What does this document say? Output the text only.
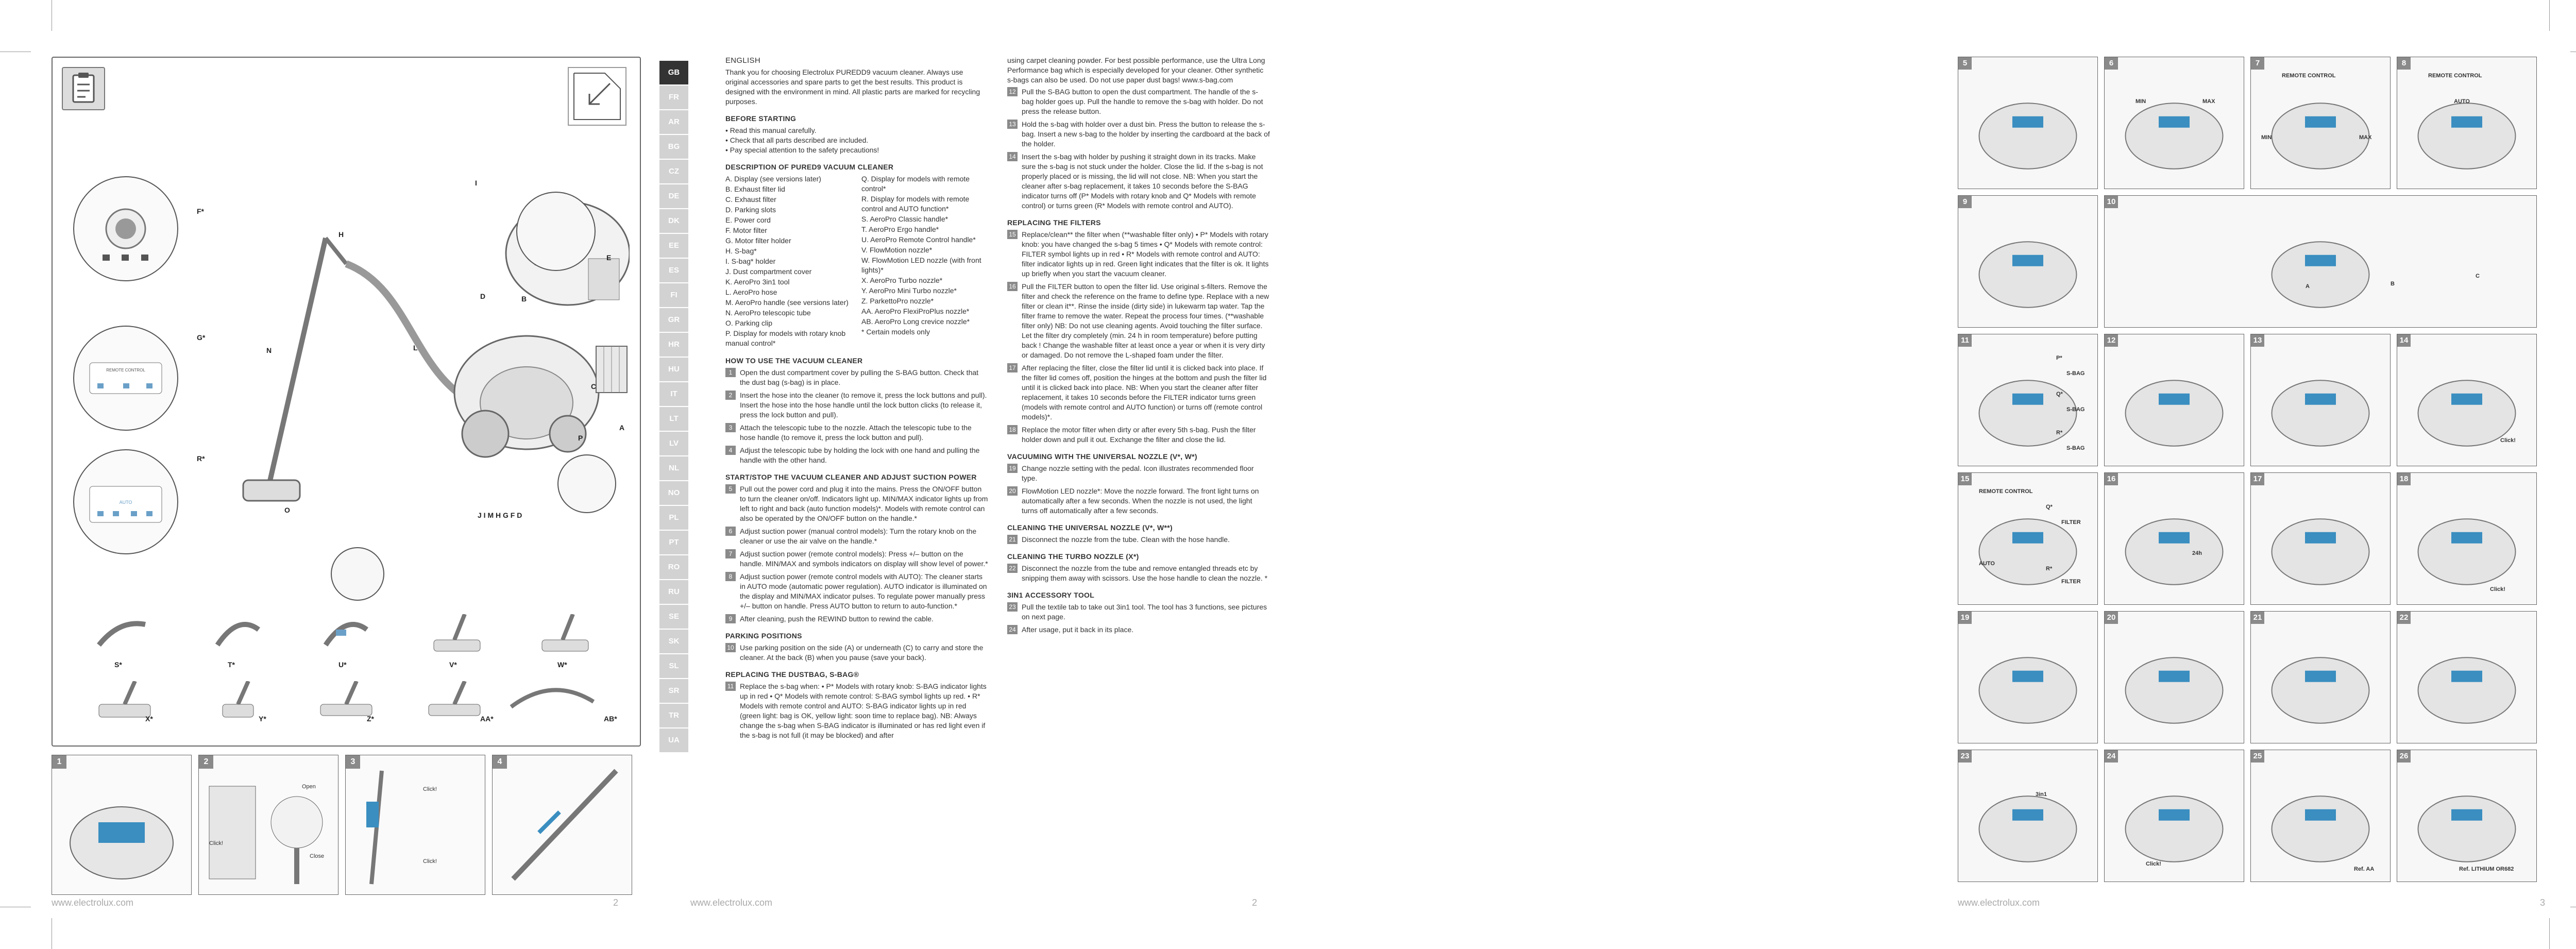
F*
REMOTE CONTROL
G*
AUTO
R*
H
I
N	L
O
E
C
D	B
A
P
J I M H G F D
S*	T*	U*	V*	W*
X*	Y*	Z*	AA*	AB*
1	2
Click!
Open
Close
3
Click!
Click!
4
www.electrolux.com	2
GB
FR
AR
BG
CZ
DE
DK
EE
ES
FI
GR
HR
HU
IT
LT
LV
NL
NO
PL
PT
RO
RU
SE
SK
SL
SR
TR
UA
ENGLISH

Thank you for choosing Electrolux PUREDD9 vacuum cleaner. Always use original accessories and spare parts to get the best results. This product is designed with the environment in mind. All plastic parts are marked for recycling purposes.

BEFORE STARTING

• Read this manual carefully.

• Check that all parts described are included.

• Pay special attention to the safety precautions!

DESCRIPTION OF PURED9 VACUUM CLEANER
A. Display (see versions later)
B. Exhaust filter lid
C. Exhaust filter
D. Parking slots
E. Power cord
F. Motor filter
G. Motor filter holder
H. S-bag*
I. S-bag* holder
J. Dust compartment cover
K. AeroPro 3in1 tool
L. AeroPro hose
M. AeroPro handle (see versions later)
N. AeroPro telescopic tube
O. Parking clip
P. Display for models with rotary knob manual control*
Q. Display for models with remote control*
R. Display for models with remote control and AUTO function*
S. AeroPro Classic handle*
T. AeroPro Ergo handle*
U. AeroPro Remote Control handle*
V. FlowMotion nozzle*
W. FlowMotion LED nozzle (with front lights)*
X. AeroPro Turbo nozzle*
Y. AeroPro Mini Turbo nozzle*
Z. ParkettoPro nozzle*
AA. AeroPro FlexiProPlus nozzle*
AB. AeroPro Long crevice nozzle*
* Certain models only
HOW TO USE THE VACUUM CLEANER
1	Open the dust compartment cover by pulling the S-BAG button. Check that the dust bag (s-bag) is in place.
2	Insert the hose into the cleaner (to remove it, press the lock buttons and pull). Insert the hose into the hose handle until the lock button clicks (to release it, press the lock button and pull).
3	Attach the telescopic tube to the nozzle. Attach the telescopic tube to the hose handle (to remove it, press the lock button and pull).
4	Adjust the telescopic tube by holding the lock with one hand and pulling the handle with the other hand.
START/STOP THE VACUUM CLEANER AND ADJUST SUCTION POWER
5	Pull out the power cord and plug it into the mains. Press the ON/OFF button to turn the cleaner on/off. Indicators light up. MIN/MAX indicator lights up from left to right and back (auto function models)*. Models with remote control can also be operated by the ON/OFF button on the handle.*
6	Adjust suction power (manual control models): Turn the rotary knob on the cleaner or use the air valve on the handle.*
7	Adjust suction power (remote control models): Press +/– button on the handle. MIN/MAX and symbols indicators on display will show level of power.*
8	Adjust suction power (remote control models with AUTO): The cleaner starts in AUTO mode (automatic power regulation). AUTO indicator is illuminated on the display and MIN/MAX indicator pulses. To regulate power manually press +/– button on handle. Press AUTO button to return to auto-function.*
9	After cleaning, push the REWIND button to rewind the cable.
PARKING POSITIONS
10 Use parking position on the side (A) or underneath (C) to carry and store the cleaner. At the back (B) when you pause (save your back).
REPLACING THE DUSTBAG, S-BAG®
11 Replace the s-bag when: • P* Models with rotary knob: S-BAG indicator lights up in red • Q* Models with remote control: S-BAG symbol lights up red. • R* Models with remote control and AUTO: S-BAG indicator lights up in red (green light: bag is OK, yellow light: soon time to replace bag). NB: Always change the s-bag when S-BAG indicator is illuminated or has red light even if the s-bag is not full (it may be blocked) and after

using carpet cleaning powder. For best possible performance, use the Ultra Long Performance bag which is especially developed for your cleaner. Other synthetic s-bags can also be used. Do not use paper dust bags! www.s-bag.com

12 Pull the S-BAG button to open the dust compartment. The handle of the s-bag holder goes up. Pull the handle to remove the s-bag with holder. Do not press the release button.
13 Hold the s-bag with holder over a dust bin. Press the button to release the s-bag. Insert a new s-bag to the holder by inserting the cardboard at the back of the holder.
14 Insert the s-bag with holder by pushing it straight down in its tracks. Make sure the s-bag is not stuck under the holder. Close the lid. If the s-bag is not properly placed or is missing, the lid will not close. NB: When you start the cleaner after s-bag replacement, it takes 10 seconds before the S-BAG indicator turns off (P* Models with rotary knob and Q* Models with remote control) or turns green (R* Models with remote control and AUTO).
REPLACING THE FILTERS
15 Replace/clean** the filter when (**washable filter only) • P* Models with rotary knob: you have changed the s-bag 5 times • Q* Models with remote control: FILTER symbol lights up in red • R* Models with remote control and AUTO: filter indicator lights up in red. Green light indicates that the filter is ok. It lights up briefly when you start the vacuum cleaner.
16 Pull the FILTER button to open the filter lid. Use original s-filters. Remove the filter and check the reference on the frame to define type. Replace with a new filter or clean it**. Rinse the inside (dirty side) in lukewarm tap water. Tap the filter frame to remove the water. Repeat the process four times. (**washable filter only) NB: Do not use cleaning agents. Avoid touching the filter surface. Let the filter dry completely (min. 24 h in room temperature) before putting back ! Change the washable filter at least once a year or when it is very dirty or damaged. Do not remove the L-shaped foam under the filter.
17 After replacing the filter, close the filter lid until it is clicked back into place. If the filter lid comes off, position the hinges at the bottom and push the filter lid until it is clicked back into place. NB: When you start the cleaner after filter replacement, it takes 10 seconds before the FILTER indicator turns green (models with remote control and AUTO function) or turns off (remote control models)*.
18 Replace the motor filter when dirty or after every 5th s-bag. Push the filter holder down and pull it out. Exchange the filter and close the lid.
VACUUMING WITH THE UNIVERSAL NOZZLE (V*, W*)
19 Change nozzle setting with the pedal. Icon illustrates recommended floor type.
20 FlowMotion LED nozzle*: Move the nozzle forward. The front light turns on automatically after a few seconds. When the nozzle is not used, the light turns off automatically after a few seconds.
CLEANING THE UNIVERSAL NOZZLE (V*, W**)
21 Disconnect the nozzle from the tube. Clean with the hose handle.
CLEANING THE TURBO NOZZLE (X*)
22 Disconnect the nozzle from the tube and remove entangled threads etc by snipping them away with scissors. Use the hose handle to clean the nozzle. *
3IN1 ACCESSORY TOOL
23 Pull the textile tab to take out 3in1 tool. The tool has 3 functions, see pictures on next page.
24 After usage, put it back in its place.
www.electrolux.com	2
5	6
MIN	MAX
7
REMOTE CONTROL
MIN	MAX
8
REMOTE CONTROL
AUTO
9	10
A	B
C
11
P*
Q*
R*
S-BAG
S-BAG
S-BAG
12	13	14
Click!
15
REMOTE CONTROL
Q*
R*
FILTER
FILTER
AUTO
16
24h
17	18
Click!
19	20	21	22
23
3in1
24
Click!
25
Ref. AA
26
Ref. LITHIUM OR682
www.electrolux.com	3
